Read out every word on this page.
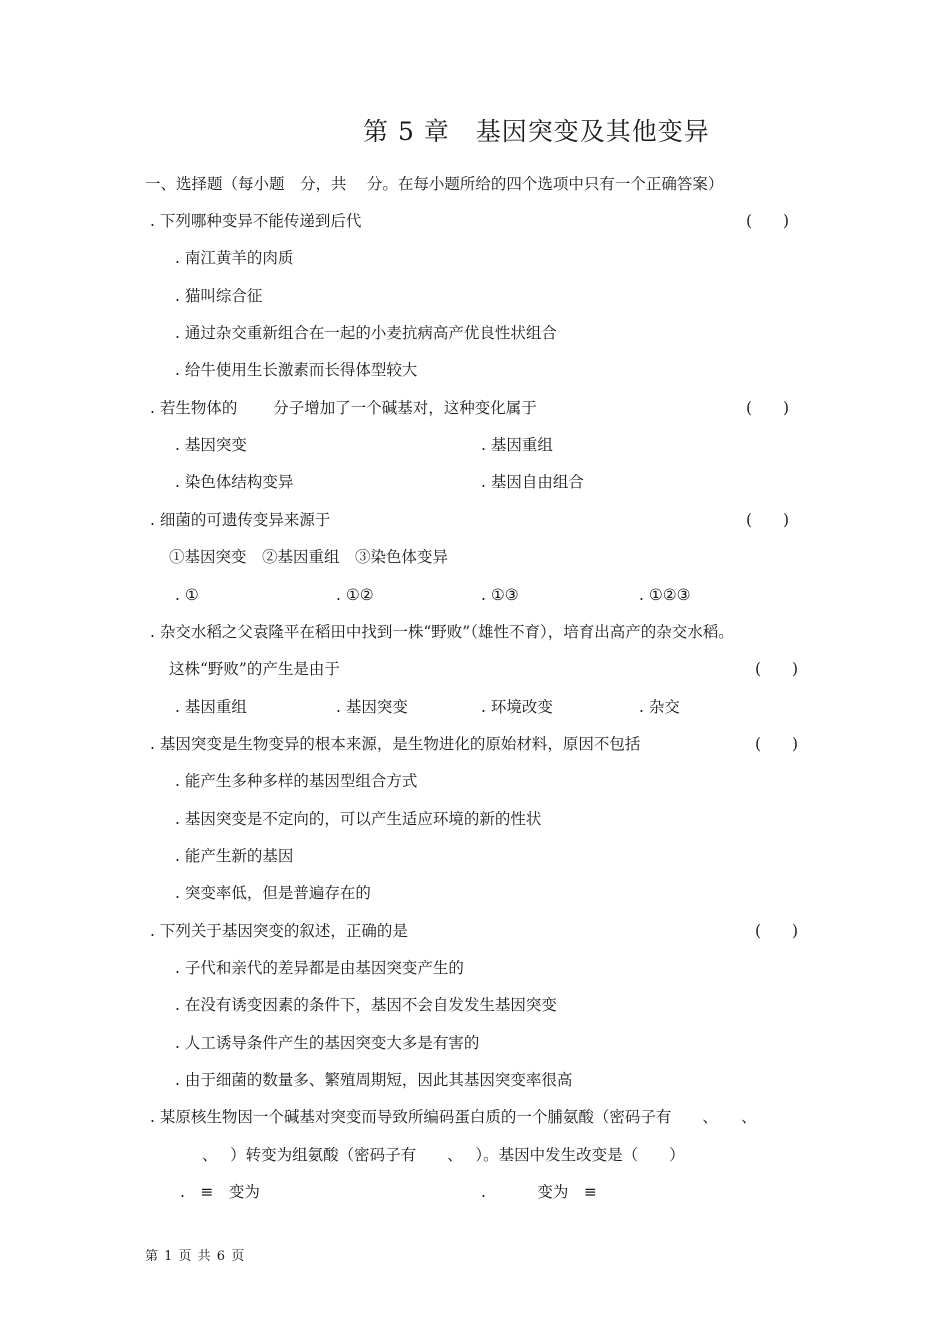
第 5 章　基因突变及其他变异
一、选择题（每小题　分，共　 分。在每小题所给的四个选项中只有一个正确答案）
. 下列哪种变异不能传递到后代	(　　)
. 南江黄羊的肉质
. 猫叫综合征
. 通过杂交重新组合在一起的小麦抗病高产优良性状组合
. 给牛使用生长激素而长得体型较大
. 若生物体的　　 分子增加了一个碱基对，这种变化属于	(　　)
. 基因突变	. 基因重组
. 染色体结构变异	. 基因自由组合
. 细菌的可遗传变异来源于	(　　)
①基因突变　②基因重组　③染色体变异
. ①	. ①②	. ①③	. ①②③
. 杂交水稻之父袁隆平在稻田中找到一株“野败”（雄性不育），培育出高产的杂交水稻。
这株“野败”的产生是由于	(　　)
. 基因重组	. 基因突变	. 环境改变	. 杂交
. 基因突变是生物变异的根本来源，是生物进化的原始材料，原因不包括	(　　)
. 能产生多种多样的基因型组合方式
. 基因突变是不定向的，可以产生适应环境的新的性状
. 能产生新的基因
. 突变率低，但是普遍存在的
. 下列关于基因突变的叙述，正确的是	(　　)
. 子代和亲代的差异都是由基因突变产生的
. 在没有诱变因素的条件下，基因不会自发发生基因突变
. 人工诱导条件产生的基因突变大多是有害的
. 由于细菌的数量多、繁殖周期短，因此其基因突变率很高
. 某原核生物因一个碱基对突变而导致所编码蛋白质的一个脯氨酸（密码子有　　、　　、
、　 ）转变为组氨酸（密码子有　　、　 ）。基因中发生改变是（　　）
.　≡　变为	.　　　 变为　≡
第 1 页 共 6 页
